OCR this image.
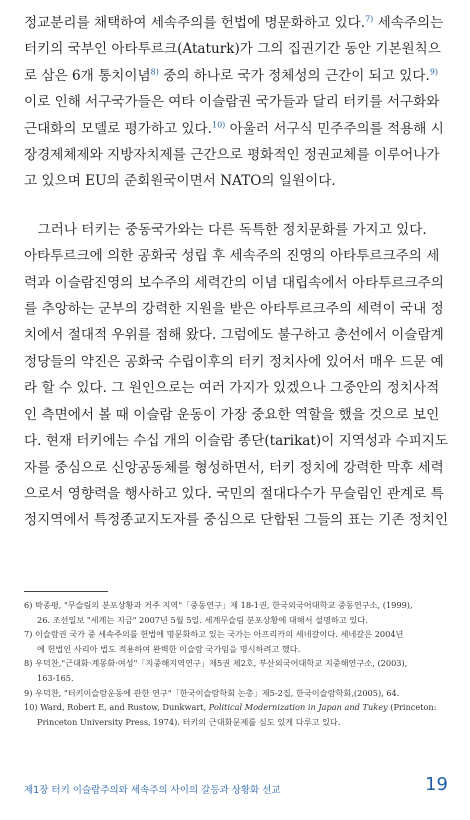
정교분리를 채택하여 세속주의를 헌법에 명문화하고 있다.$^{7)}$ 세속주의는

터키의 국부인 아타투르크(Ataturk)가 그의 집권기간 동안 기본원칙으

로 삼은 6개 통치이념$^{8)}$ 중의 하나로 국가 정체성의 근간이 되고 있다.$^{9)}$

이로 인해 서구국가들은 여타 이슬람권 국가들과 달리 터키를 서구화와

근대화의 모델로 평가하고 있다.$^{10)}$ 아울러 서구식 민주주의를 적용해 시

장경제체제와 지방자치제를 근간으로 평화적인 정권교체를 이루어나가

고 있으며 EU의 준회원국이면서 NATO의 일원이다.

　그러나 터키는 중동국가와는 다른 독특한 정치문화를 가지고 있다.

아타투르크에 의한 공화국 성립 후 세속주의 진영의 아타투르크주의 세

력과 이슬람진영의 보수주의 세력간의 이념 대립속에서 아타투르크주의

를 추앙하는 군부의 강력한 지원을 받은 아타투르크주의 세력이 국내 정

치에서 절대적 우위를 점해 왔다. 그럼에도 불구하고 총선에서 이슬람계

정당들의 약진은 공화국 수립이후의 터키 정치사에 있어서 매우 드문 예

라 할 수 있다. 그 원인으로는 여러 가지가 있겠으나 그중안의 정치사적

인 측면에서 볼 때 이슬람 운동이 가장 중요한 역할을 했을 것으로 보인

다. 현재 터키에는 수십 개의 이슬람 종단(tarikat)이 지역성과 수피지도

자를 중심으로 신앙공동체를 형성하면서, 터키 정치에 강력한 막후 세력

으로서 영향력을 행사하고 있다. 국민의 절대다수가 무슬림인 관계로 특

정지역에서 특정종교지도자를 중심으로 단합된 그들의 표는 기존 정치인

6) 박종평, "무슬림의 분포상황과 거주 지역"「중동연구」제 18-1권, 한국외국어대학교 중동연구소, (1999),
26. 조선일보 "세계는 지금" 2007년 5월 5일. 세계무슬림 분포상황에 대해서 설명하고 있다.
7) 이슬람권 국가 중 세속주의를 헌법에 명문화하고 있는 국가는 아프리카의 세네갈이다. 세네갈은 2004년
에 헌법인 사리아 법도 적용하여 완벽한 이슬람 국가임을 명시하려고 했다.
8) 우덕찬,"근대화·계몽화·여성"「지중해지역연구」제5권 제2호, 부산외국어대학교 지중해연구소, (2003),
163-165.
9) 우덕찬, "터키이슬람운동에 관한 연구"「한국이슬람학회 논총」제5-2집, 한국이슬람학회,(2005), 64.
10) Ward, Robert E, and Rustow, Dunkwart, Political Modernization in Japan and Tukey (Princeton:
Princeton University Press, 1974). 터키의 근대화문제를 심도 있게 다루고 있다.
제1장 터키 이슬람주의와 세속주의 사이의 갈등과 상황화 선교	19
